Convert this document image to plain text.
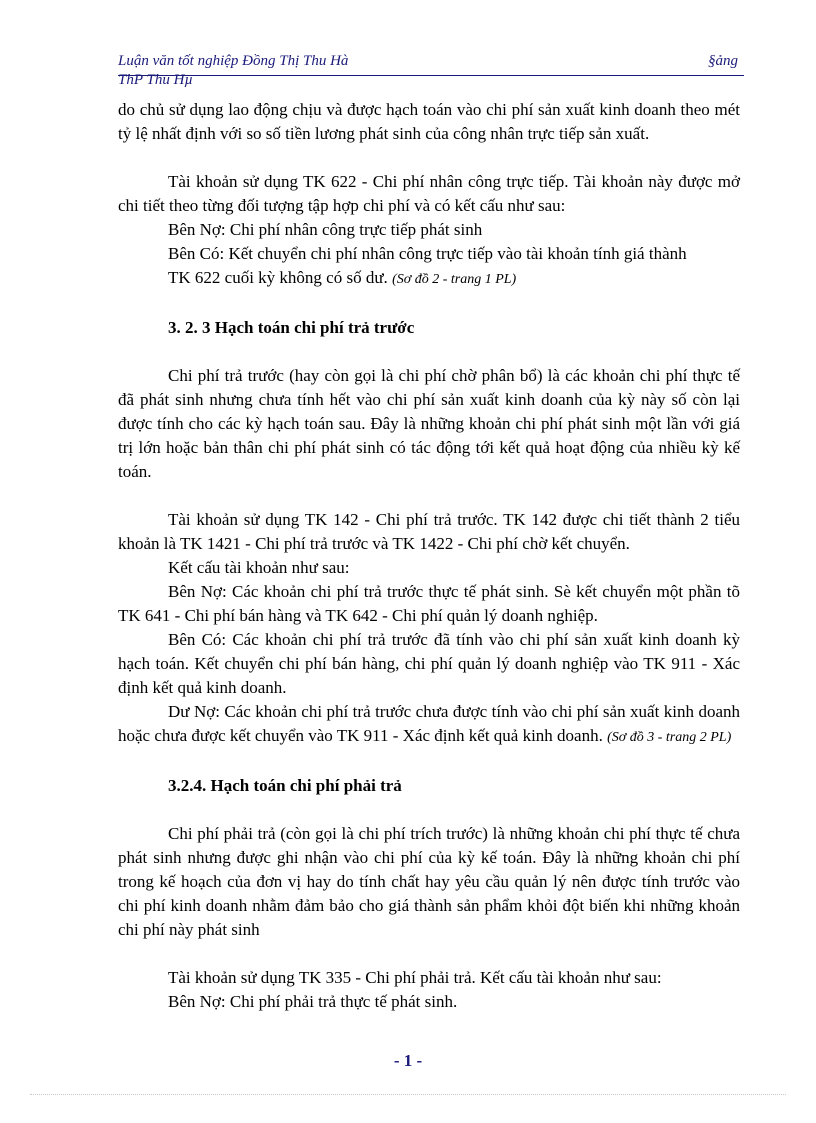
Luận văn tốt nghiệp Đồng Thị Thu Hà	§ảng
ThP Thu Hµ

do chủ sử dụng lao động chịu và được hạch toán vào chi phí sản xuất kinh doanh theo mét tỷ lệ nhất định với so số tiền lương phát sinh của công nhân trực tiếp sản xuất.

Tài khoản sử dụng TK 622 - Chi phí nhân công trực tiếp. Tài khoản này được mở chi tiết theo từng đối tượng tập hợp chi phí và có kết cấu như sau:

Bên Nợ: Chi phí nhân công trực tiếp phát sinh

Bên Có: Kết chuyển chi phí nhân công trực tiếp vào tài khoản tính giá thành

TK 622 cuối kỳ không có số dư. (Sơ đồ 2 - trang 1 PL)

3. 2. 3 Hạch toán chi phí trả trước

Chi phí trả trước (hay còn gọi là chi phí chờ phân bổ) là các khoản chi phí thực tế đã phát sinh nhưng chưa tính hết vào chi phí sản xuất kinh doanh của kỳ này số còn lại được tính cho các kỳ hạch toán sau. Đây là những khoản chi phí phát sinh một lần với giá trị lớn hoặc bản thân chi phí phát sinh có tác động tới kết quả hoạt động của nhiều kỳ kế toán.

Tài khoản sử dụng TK 142 - Chi phí trả trước. TK 142 được chi tiết thành 2 tiểu khoản là TK 1421 - Chi phí trả trước và TK 1422 - Chi phí chờ kết chuyển.

Kết cấu tài khoản như sau:

Bên Nợ: Các khoản chi phí trả trước thực tế phát sinh. Sè kết chuyển một phần tõ TK 641 - Chi phí bán hàng và TK 642 - Chi phí quản lý doanh nghiệp.

Bên Có: Các khoản chi phí trả trước đã tính vào chi phí sản xuất kinh doanh kỳ hạch toán. Kết chuyển chi phí bán hàng, chi phí quản lý doanh nghiệp vào TK 911 - Xác định kết quả kinh doanh.

Dư Nợ: Các khoản chi phí trả trước chưa được tính vào chi phí sản xuất kinh doanh hoặc chưa được kết chuyển vào TK 911 - Xác định kết quả kinh doanh. (Sơ đồ 3 - trang 2 PL)

3.2.4. Hạch toán chi phí phải trả

Chi phí phải trả (còn gọi là chi phí trích trước) là những khoản chi phí thực tế chưa phát sinh nhưng được ghi nhận vào chi phí của kỳ kế toán. Đây là những khoản chi phí trong kế hoạch của đơn vị hay do tính chất hay yêu cầu quản lý nên được tính trước vào chi phí kinh doanh nhằm đảm bảo cho giá thành sản phẩm khỏi đột biến khi những khoản chi phí này phát sinh

Tài khoản sử dụng TK 335 - Chi phí phải trả. Kết cấu tài khoản như sau:

Bên Nợ: Chi phí phải trả thực tế phát sinh.

- 1 -
